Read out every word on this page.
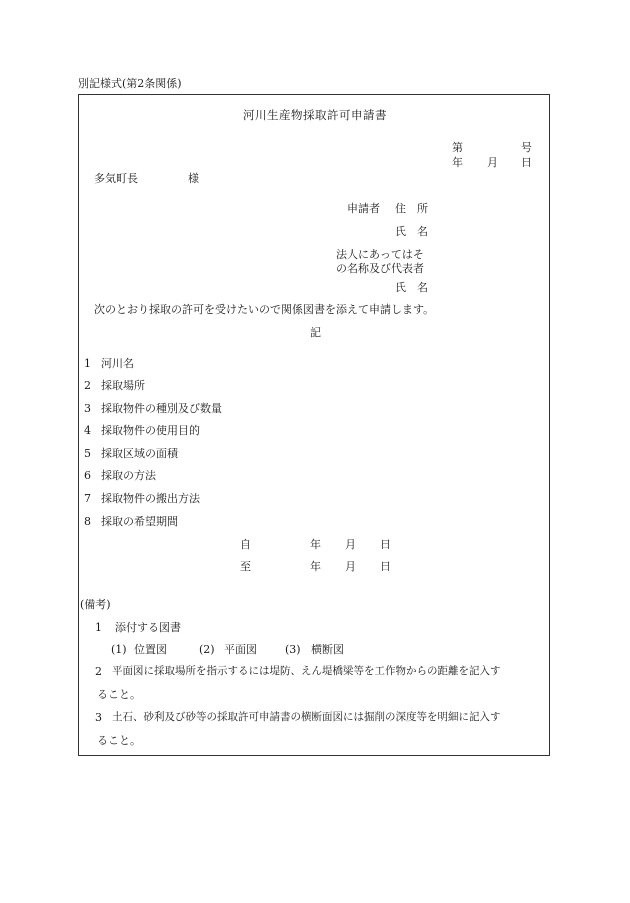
別記様式(第2条関係)
河川生産物採取許可申請書
第	号
年 月 日
多気町長	様
申請者 住　所
氏　名
法人にあってはそ
の名称及び代表者
氏　名
次のとおり採取の許可を受けたいので関係図書を添えて申請します。
記
1 河川名
2 採取場所
3 採取物件の種別及び数量
4 採取物件の使用目的
5 採取区域の面積
6 採取の方法
7 採取物件の搬出方法
8 採取の希望期間
自	年 月 日
至	年 月 日
(備考)
1 添付する図書
(1) 位置図	(2) 平面図	(3) 横断図
2 平面図に採取場所を指示するには堤防、えん堤橋梁等を工作物からの距離を記入す
ること。
3 土石、砂利及び砂等の採取許可申請書の横断面図には掘削の深度等を明細に記入す
ること。
